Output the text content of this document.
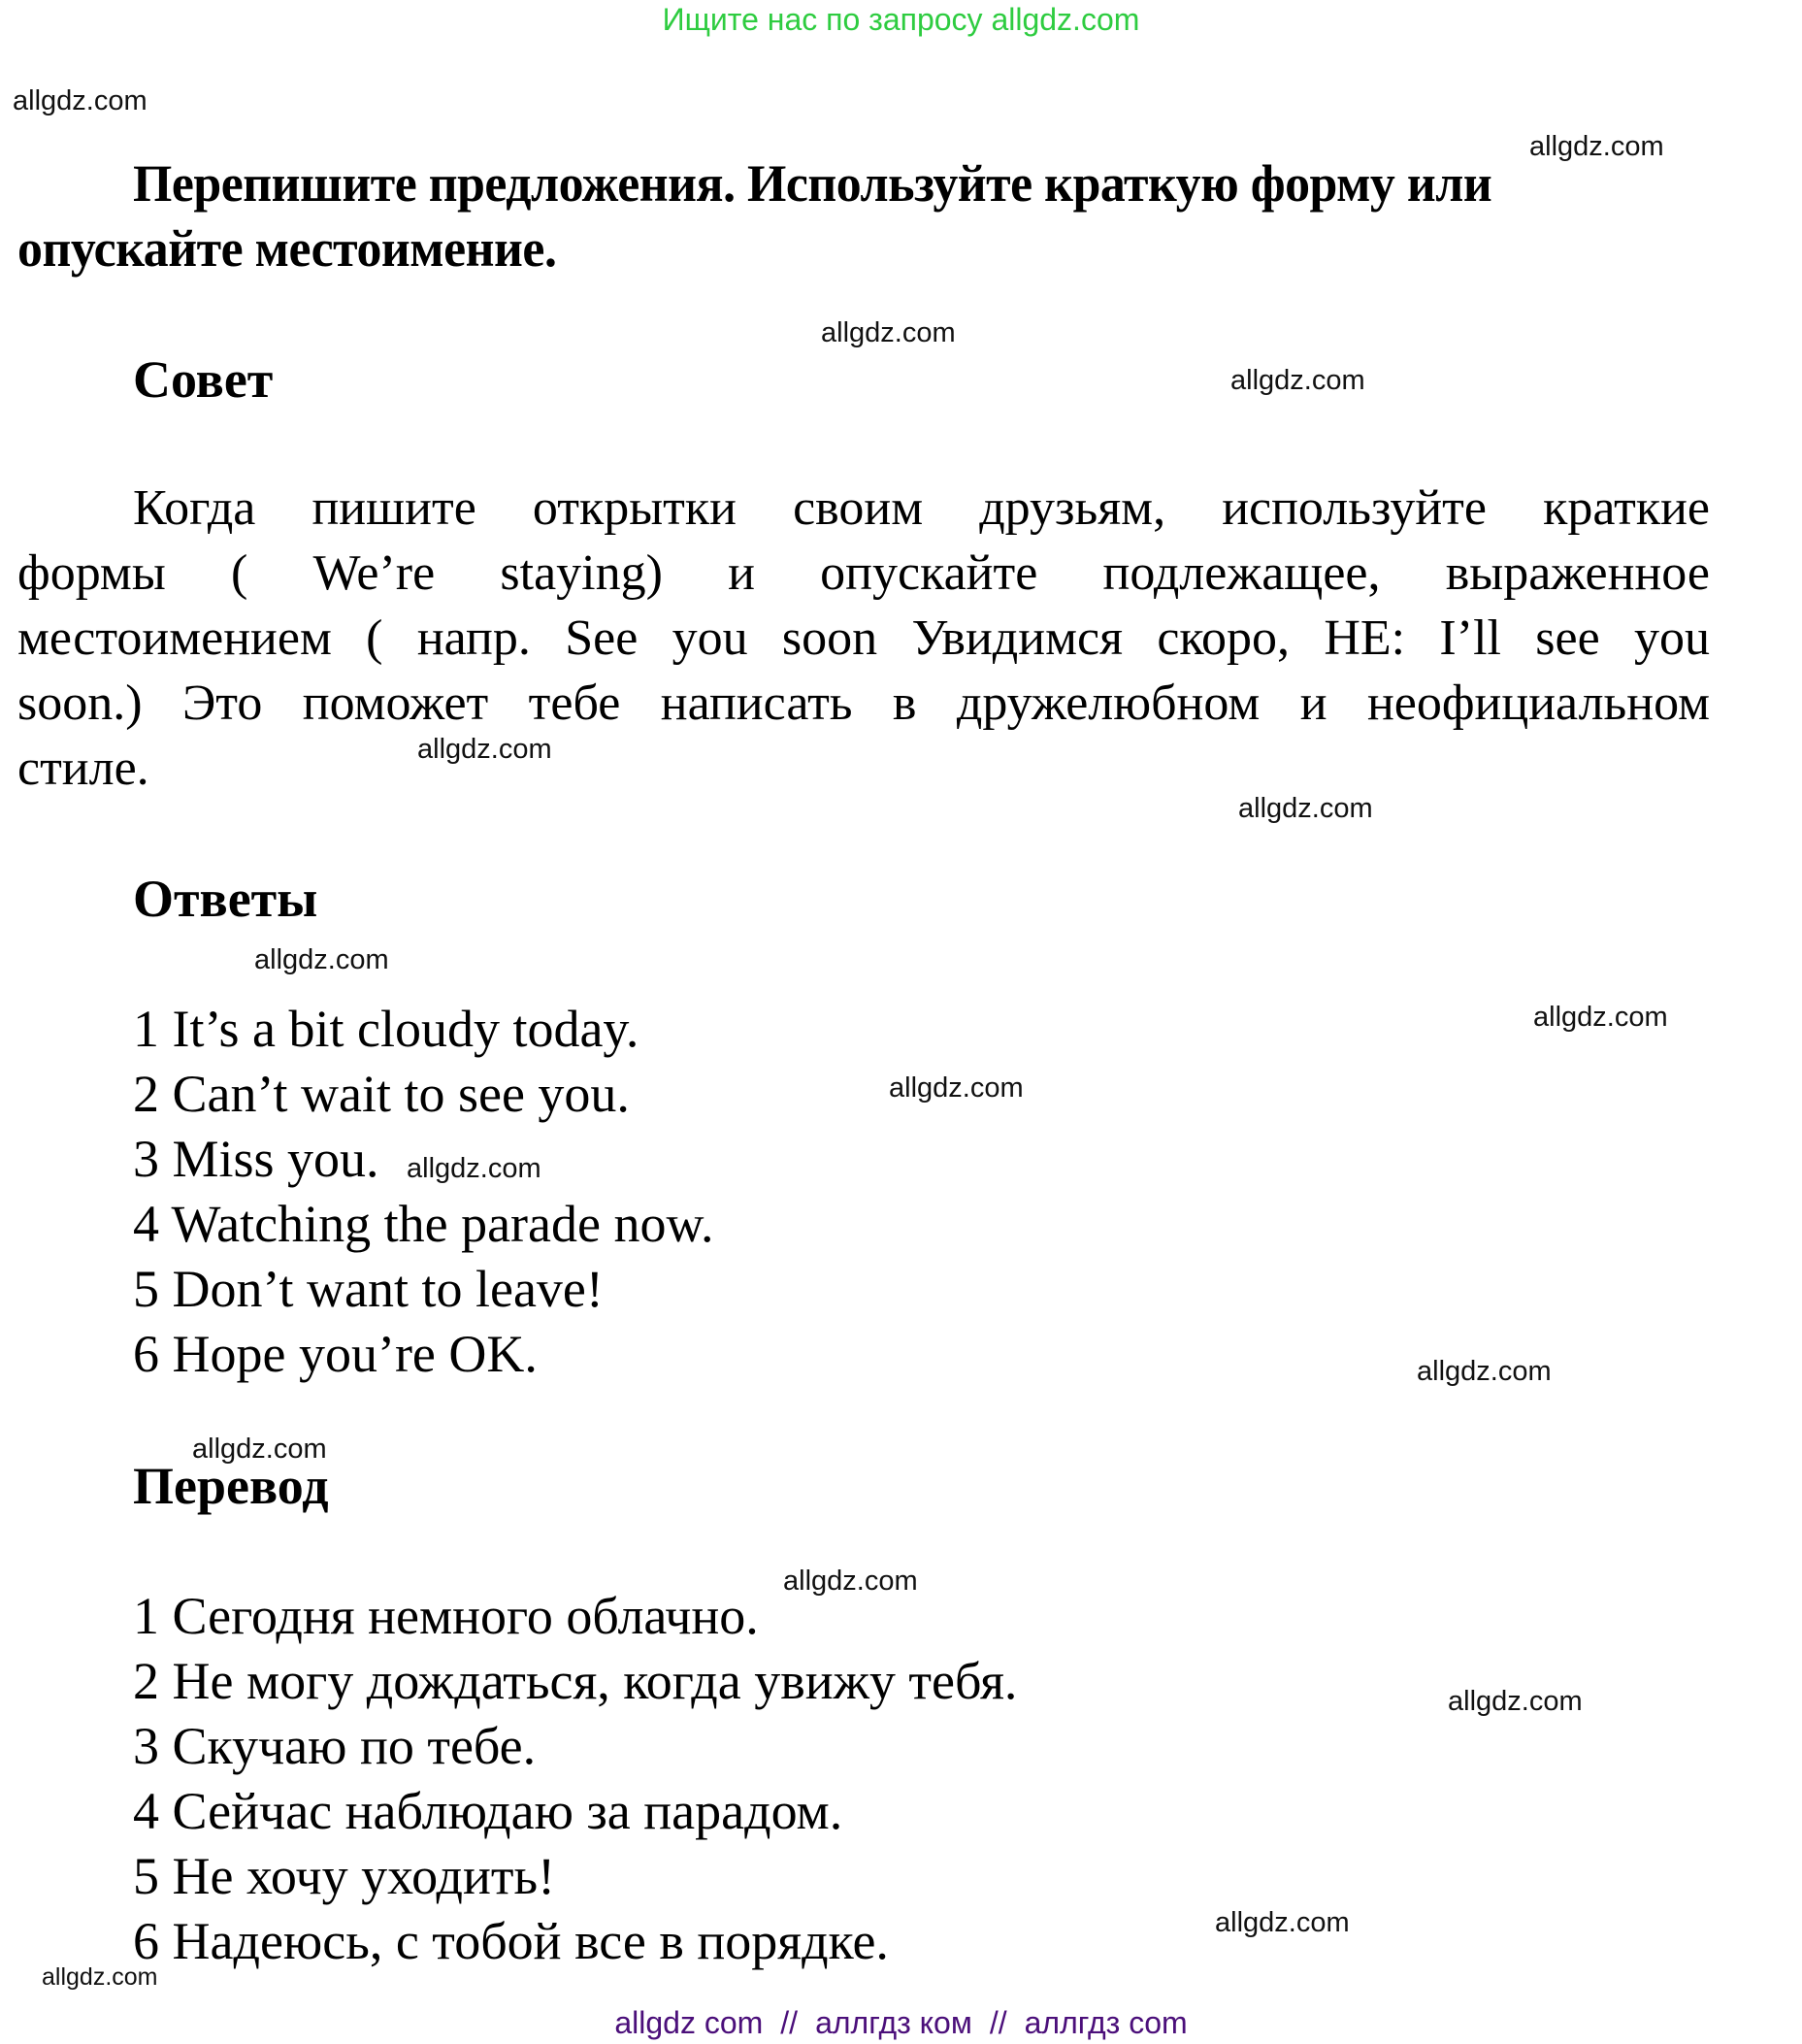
Ищите нас по запросу allgdz.com
Перепишите предложения. Используйте краткую форму или
опускайте местоимение.
Совет
Когда пишите открытки своим друзьям, используйте краткие
формы ( We’re staying) и опускайте подлежащее, выраженное
местоимением ( напр. See you soon Увидимся скоро, НЕ: I’ll see you
soon.) Это поможет тебе написать в дружелюбном и неофициальном
стиле.
Ответы
1 It’s a bit cloudy today.
2 Can’t wait to see you.
3 Miss you.
4 Watching the parade now.
5 Don’t want to leave!
6 Hope you’re OK.
Перевод
1 Сегодня немного облачно.
2 Не могу дождаться, когда увижу тебя.
3 Скучаю по тебе.
4 Сейчас наблюдаю за парадом.
5 Не хочу уходить!
6 Надеюсь, с тобой все в порядке.
allgdz.com
allgdz.com
allgdz.com
allgdz.com
allgdz.com
allgdz.com
allgdz.com
allgdz.com
allgdz.com
allgdz.com
allgdz.com
allgdz.com
allgdz.com
allgdz.com
allgdz.com
allgdz.com
allgdz com // аллгдз ком // аллгдз com
